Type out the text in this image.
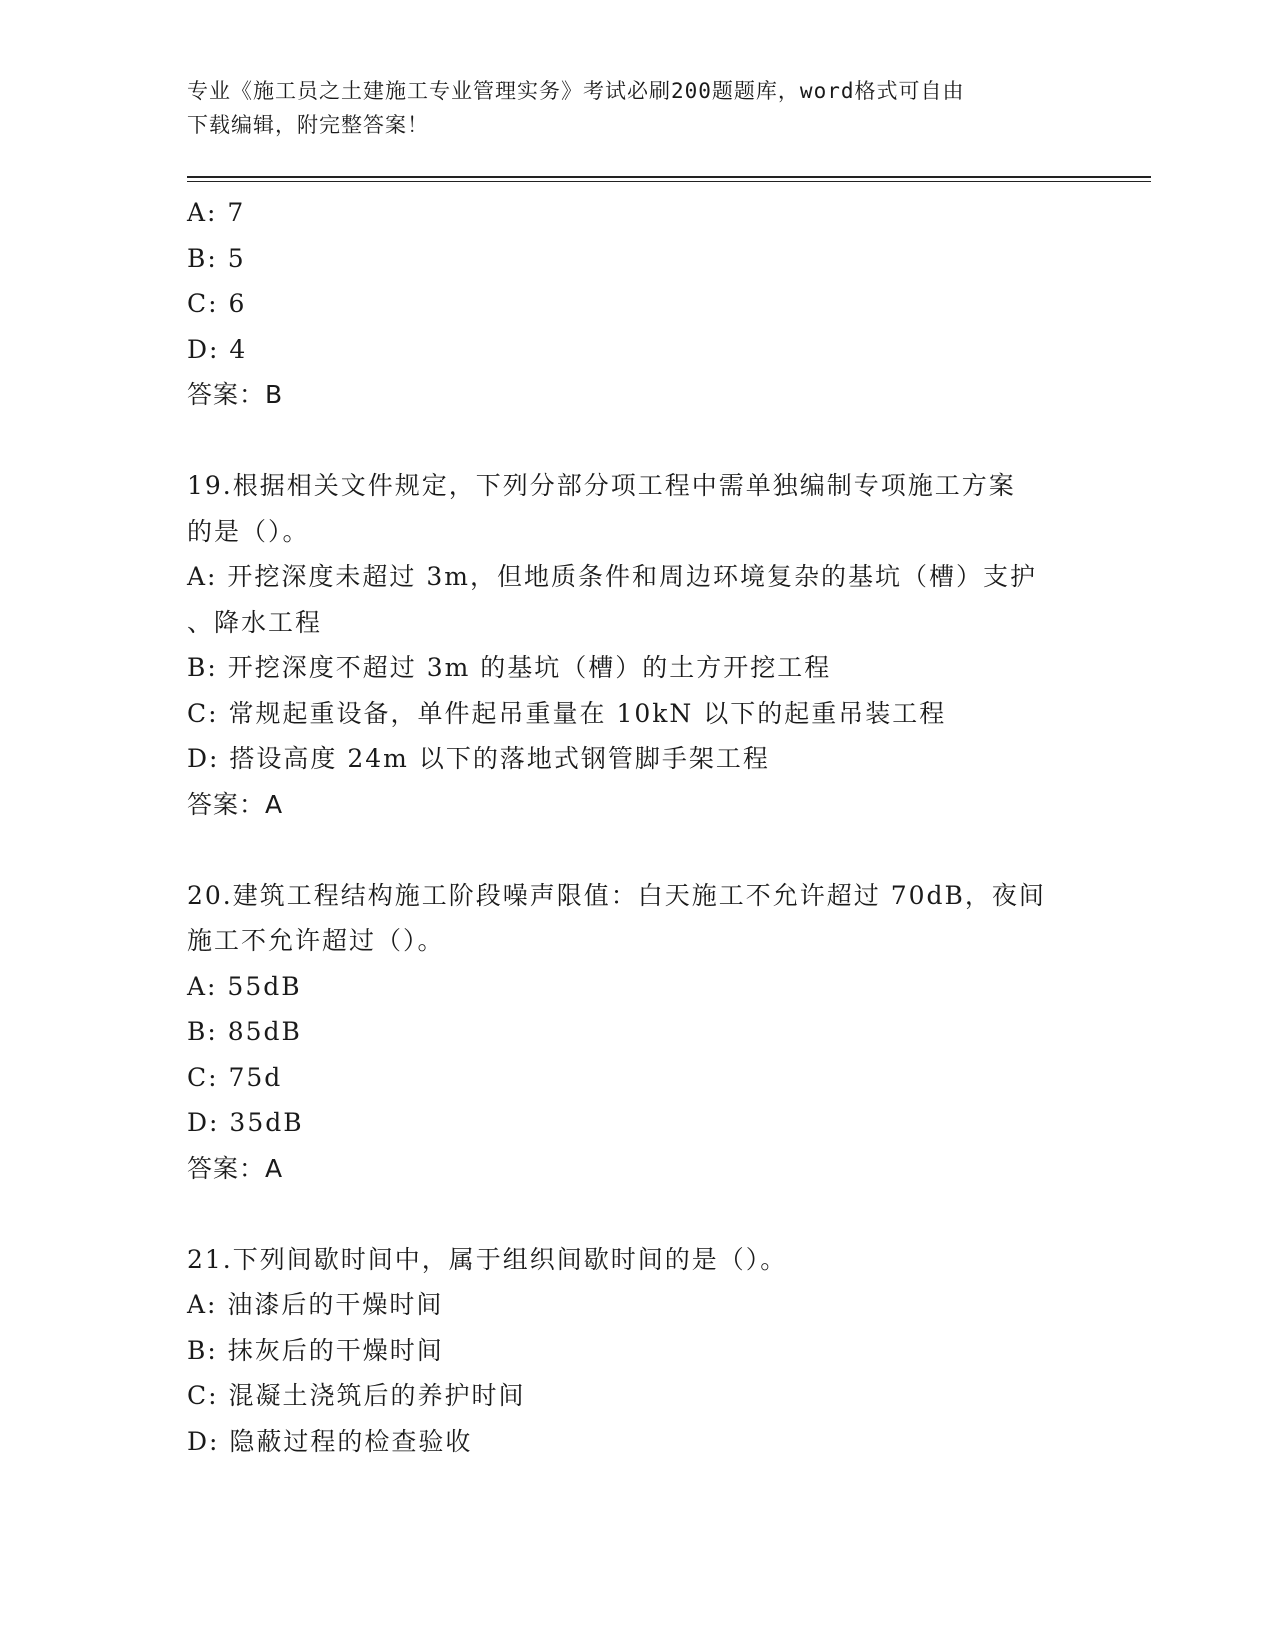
专业《施工员之土建施工专业管理实务》考试必刷200题题库，word格式可自由
下载编辑，附完整答案！
A: 7
B: 5
C: 6
D: 4
答案：B
19.根据相关文件规定，下列分部分项工程中需单独编制专项施工方案
的是（）。
A: 开挖深度未超过 3m，但地质条件和周边环境复杂的基坑（槽）支护
、降水工程
B: 开挖深度不超过 3m 的基坑（槽）的土方开挖工程
C: 常规起重设备，单件起吊重量在 10kN 以下的起重吊装工程
D: 搭设高度 24m 以下的落地式钢管脚手架工程
答案：A
20.建筑工程结构施工阶段噪声限值：白天施工不允许超过 70dB，夜间
施工不允许超过（）。
A: 55dB
B: 85dB
C: 75d
D: 35dB
答案：A
21.下列间歇时间中，属于组织间歇时间的是（）。
A: 油漆后的干燥时间
B: 抹灰后的干燥时间
C: 混凝土浇筑后的养护时间
D: 隐蔽过程的检查验收
